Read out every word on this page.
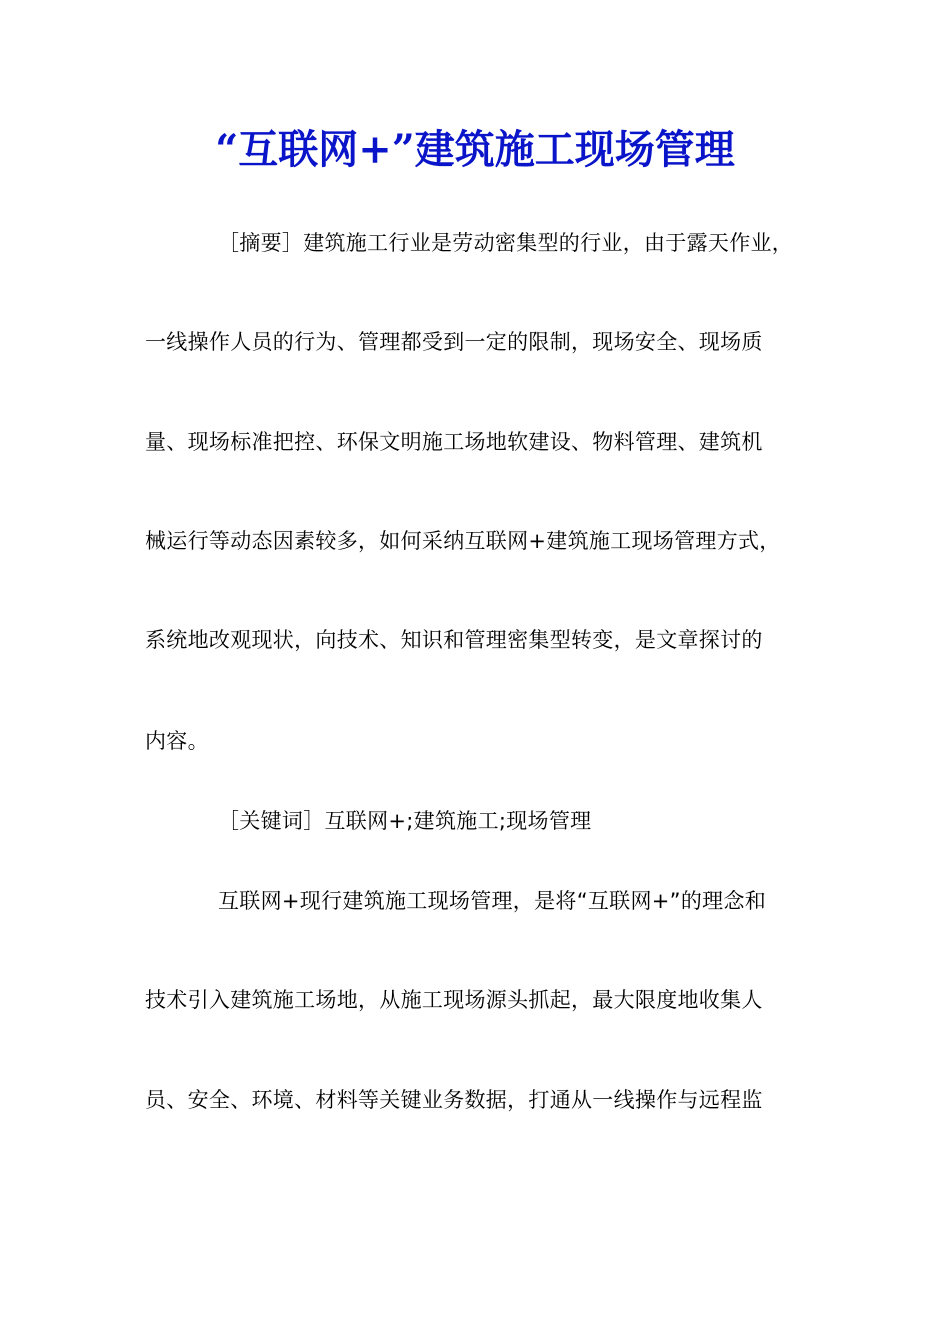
“互联网+”建筑施工现场管理
［摘要］建筑施工行业是劳动密集型的行业，由于露天作业，
一线操作人员的行为、管理都受到一定的限制，现场安全、现场质
量、现场标准把控、环保文明施工场地软建设、物料管理、建筑机
械运行等动态因素较多，如何采纳互联网+建筑施工现场管理方式，
系统地改观现状，向技术、知识和管理密集型转变，是文章探讨的
内容。
［关键词］互联网+;建筑施工;现场管理
互联网+现行建筑施工现场管理，是将“互联网+”的理念和
技术引入建筑施工场地，从施工现场源头抓起，最大限度地收集人
员、安全、环境、材料等关键业务数据，打通从一线操作与远程监
